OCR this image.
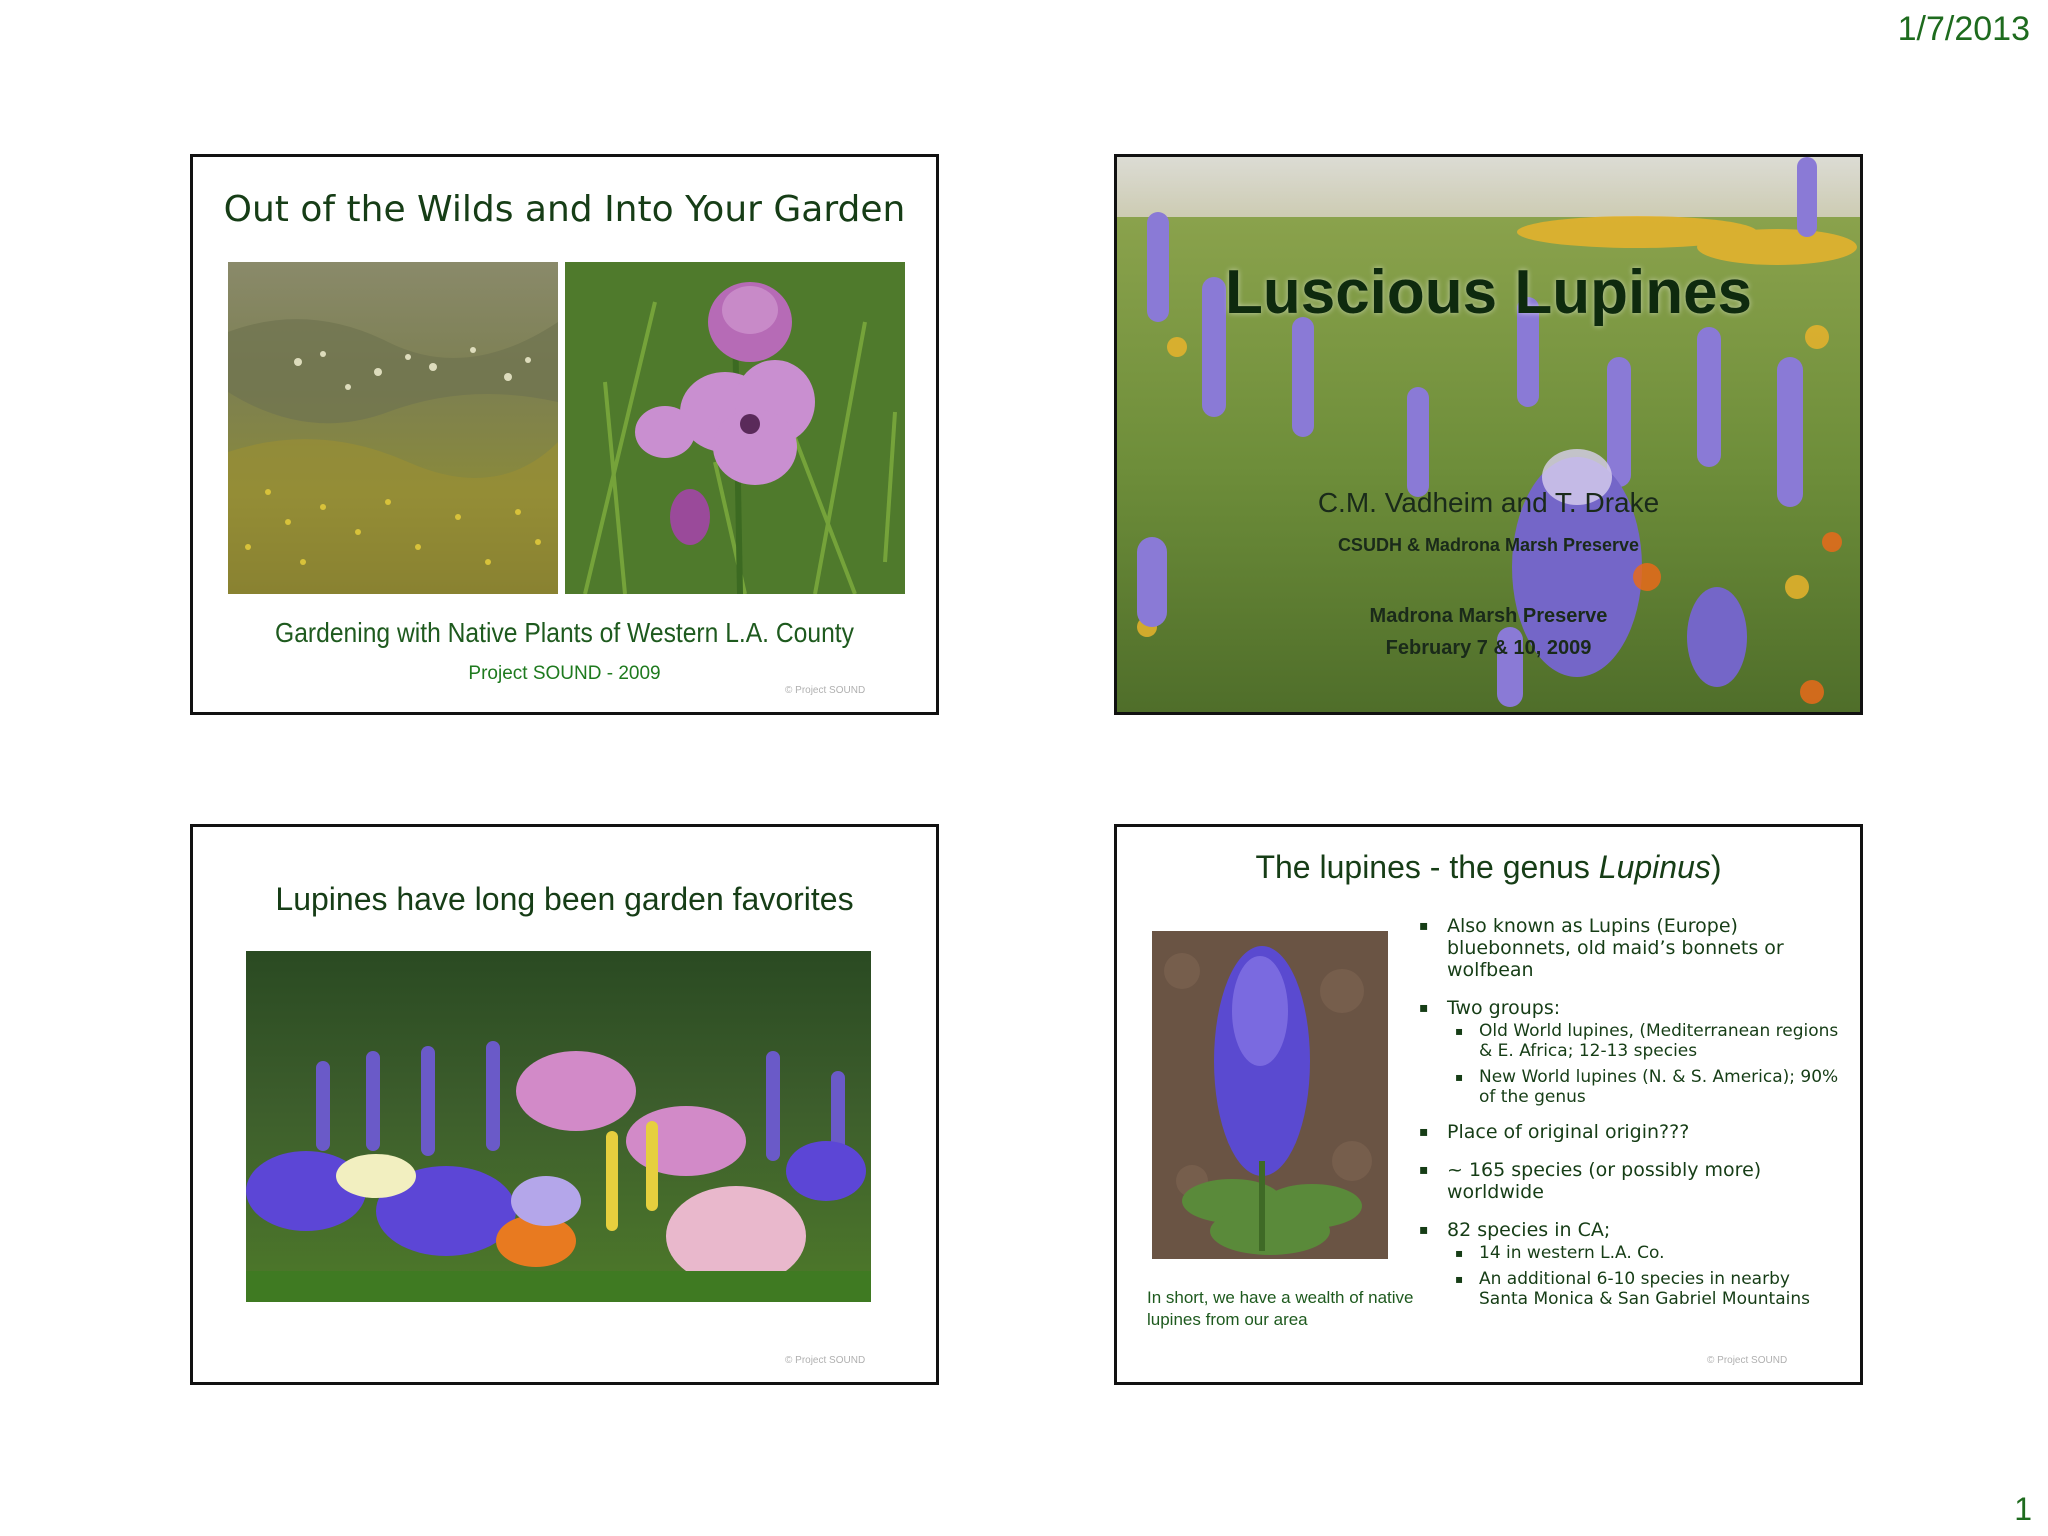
1/7/2013
Out of the Wilds and Into Your Garden
Gardening with Native Plants of Western L.A. County
Project SOUND - 2009
© Project SOUND
Luscious Lupines
C.M. Vadheim and T. Drake
CSUDH & Madrona Marsh Preserve
Madrona Marsh Preserve
February 7 & 10, 2009
Lupines have long been garden favorites
© Project SOUND
The lupines - the genus Lupinus)
In short, we have a wealth of native lupines from our area
▪ Also known as Lupins (Europe) bluebonnets, old maid’s bonnets or wolfbean
▪ Two groups:
▪ Old World lupines, (Mediterranean regions & E. Africa; 12-13 species
▪ New World lupines (N. & S. America); 90% of the genus
▪ Place of original origin???
▪ ~ 165 species (or possibly more) worldwide
▪ 82 species in CA;
▪ 14 in western L.A. Co.
▪ An additional 6-10 species in nearby Santa Monica & San Gabriel Mountains
© Project SOUND
1
